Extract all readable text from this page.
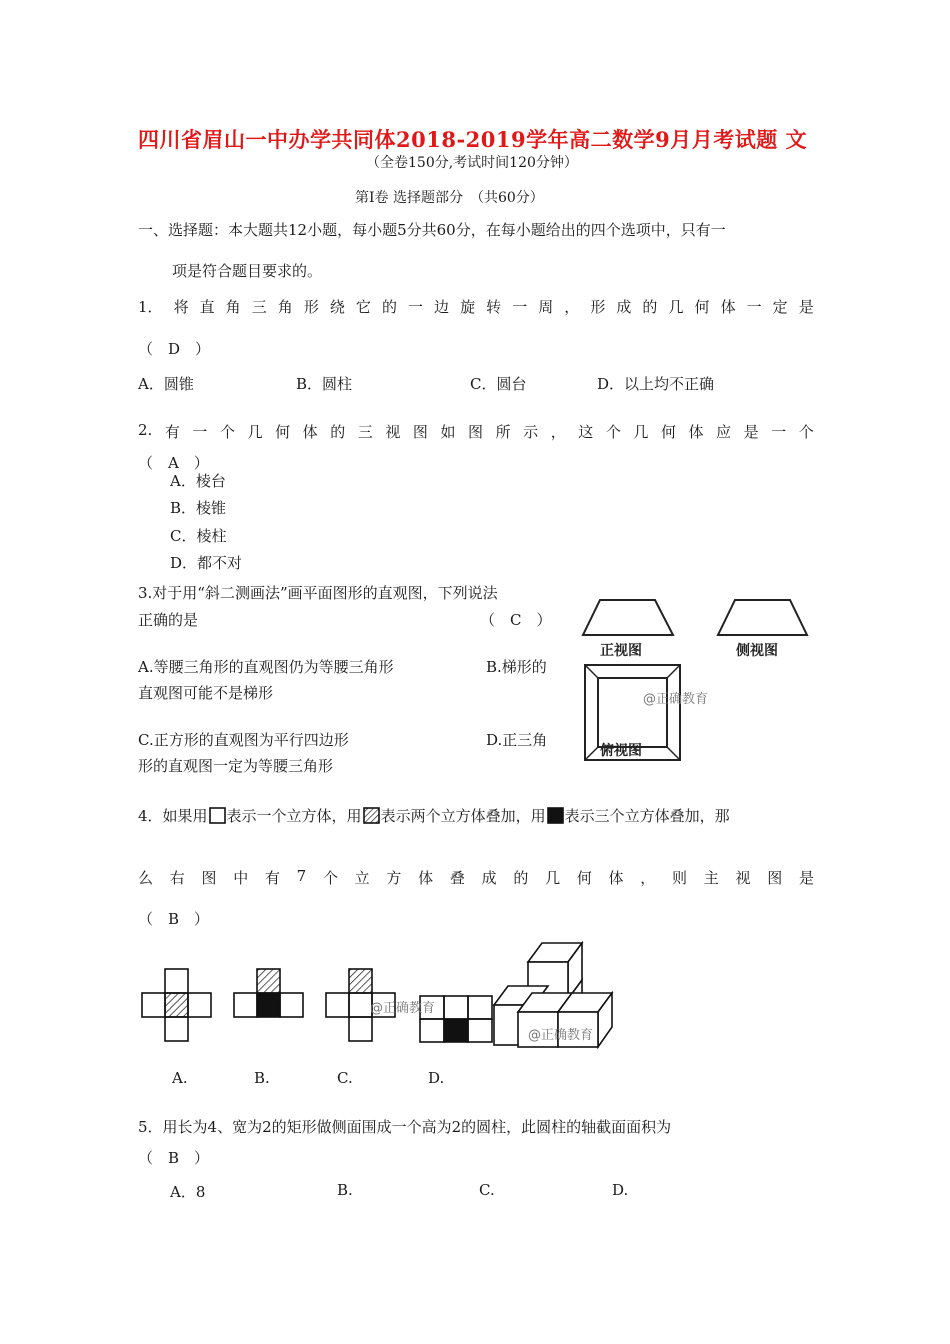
四川省眉山一中办学共同体2018-2019学年高二数学9月月考试题 文
（全卷150分,考试时间120分钟）
第Ⅰ卷 选择题部分　（共60分）
一、选择题：本大题共12小题，每小题5分共60分，在每小题给出的四个选项中，只有一
项是符合题目要求的。
1． 将 直 角 三 角 形 绕 它 的 一 边 旋 转 一 周 ， 形 成 的 几 何 体 一 定 是
（　D　）
A．圆锥	B．圆柱	C．圆台	D．以上均不正确
2. 有 一 个 几 何 体 的 三 视 图 如 图 所 示 ， 这 个 几 何 体 应 是 一 个
（　A　）
A．棱台
B．棱锥
C．棱柱
D．都不对
正视图	侧视图
俯视图
@正确教育
3.对于用“斜二测画法”画平面图形的直观图，下列说法
正确的是	（　C　）
A.等腰三角形的直观图仍为等腰三角形	B.梯形的
直观图可能不是梯形
C.正方形的直观图为平行四边形	D.正三角
形的直观图一定为等腰三角形
4．如果用 表示一个立方体，用 表示两个立方体叠加，用 表示三个立方体叠加，那
么 右 图 中 有 7 个 立 方 体 叠 成 的 几 何 体 ， 则 主 视 图 是
（　B　）
@正确教育
@正确教育
A.	B.	C.	D.
5．用长为4、宽为2的矩形做侧面围成一个高为2的圆柱，此圆柱的轴截面面积为
（　B　）
A．8	B.	C.	D.
